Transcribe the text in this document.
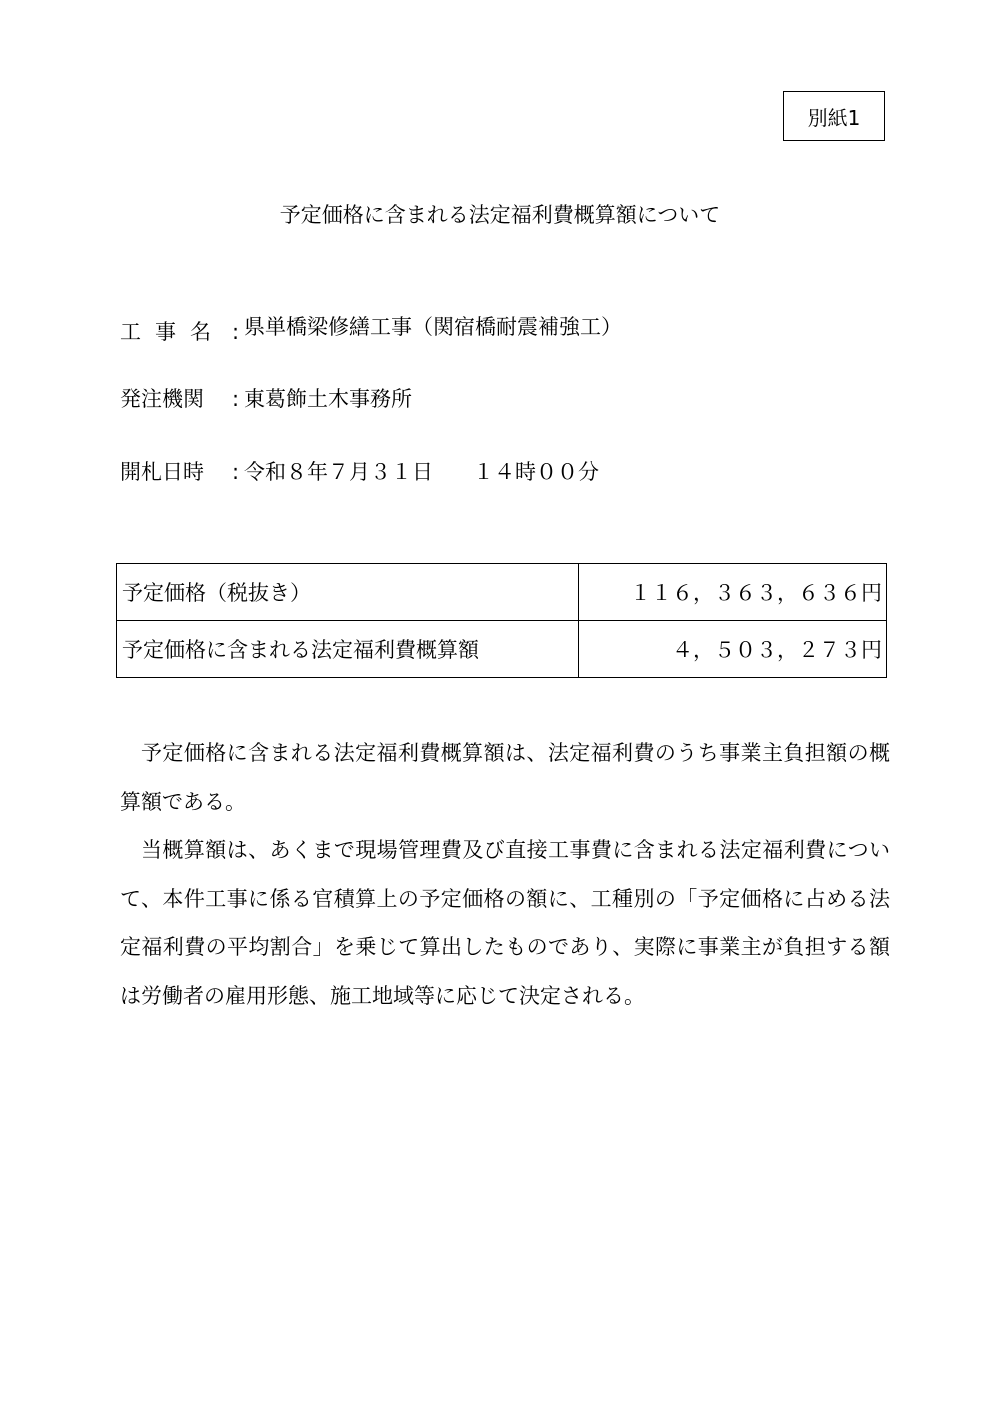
別紙1
予定価格に含まれる法定福利費概算額について
工事名 : 県単橋梁修繕工事（関宿橋耐震補強工）
発注機関 : 東葛飾土木事務所
開札日時 : 令和８年７月３１日 １４時００分
予定価格（税抜き）	１１６，３６３，６３６円
予定価格に含まれる法定福利費概算額	４，５０３，２７３円

予定価格に含まれる法定福利費概算額は、法定福利費のうち事業主負担額の概算額である。

当概算額は、あくまで現場管理費及び直接工事費に含まれる法定福利費について、本件工事に係る官積算上の予定価格の額に、工種別の「予定価格に占める法定福利費の平均割合」を乗じて算出したものであり、実際に事業主が負担する額は労働者の雇用形態、施工地域等に応じて決定される。
